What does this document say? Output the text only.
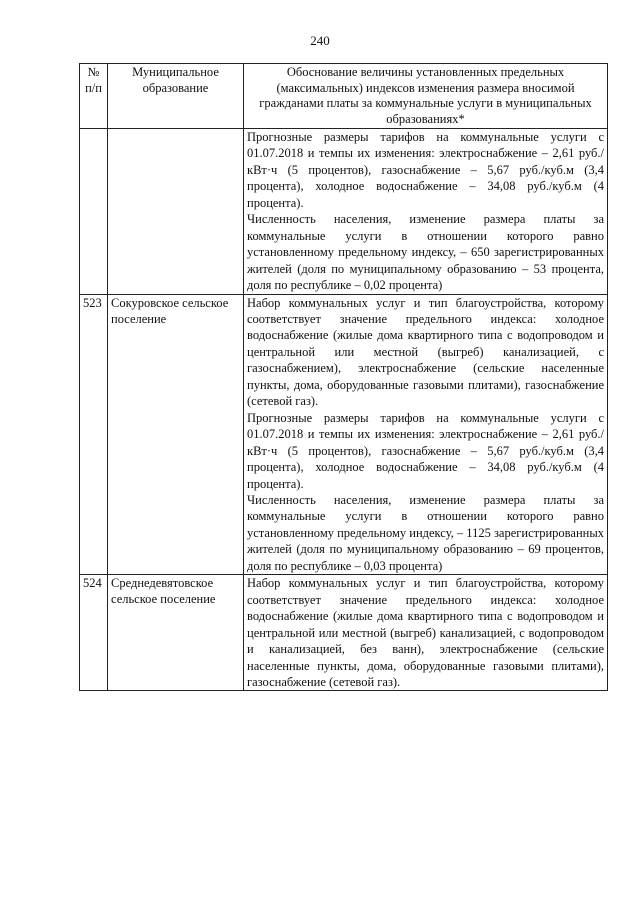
240
№ п/п	Муниципальное образование	Обоснование величины установленных предельных (максимальных) индексов изменения размера вносимой гражданами платы за коммунальные услуги в муниципальных образованиях*

		Прогнозные размеры тарифов на коммунальные услуги с 01.07.2018 и темпы их изменения: электроснабжение – 2,61 руб./кВт·ч (5 процентов), газоснабжение – 5,67 руб./куб.м (3,4 процента), холодное водоснабжение – 34,08 руб./куб.м (4 процента).

Численность населения, изменение размера платы за коммунальные услуги в отношении которого равно установленному предельному индексу, – 650 зарегистрированных жителей (доля по муниципальному образованию – 53 процента, доля по республике – 0,02 процента)

523	Сокуровское сельское поселение	Набор коммунальных услуг и тип благоустройства, которому соответствует значение предельного индекса: холодное водоснабжение (жилые дома квартирного типа с водопроводом и центральной или местной (выгреб) канализацией, с газоснабжением), электроснабжение (сельские населенные пункты, дома, оборудованные газовыми плитами), газоснабжение (сетевой газ).

Прогнозные размеры тарифов на коммунальные услуги с 01.07.2018 и темпы их изменения: электроснабжение – 2,61 руб./кВт·ч (5 процентов), газоснабжение – 5,67 руб./куб.м (3,4 процента), холодное водоснабжение – 34,08 руб./куб.м (4 процента).

Численность населения, изменение размера платы за коммунальные услуги в отношении которого равно установленному предельному индексу, – 1125 зарегистрированных жителей (доля по муниципальному образованию – 69 процентов, доля по республике – 0,03 процента)

524	Среднедевятовское сельское поселение	Набор коммунальных услуг и тип благоустройства, которому соответствует значение предельного индекса: холодное водоснабжение (жилые дома квартирного типа с водопроводом и центральной или местной (выгреб) канализацией, с водопроводом и канализацией, без ванн), электроснабжение (сельские населенные пункты, дома, оборудованные газовыми плитами), газоснабжение (сетевой газ).
